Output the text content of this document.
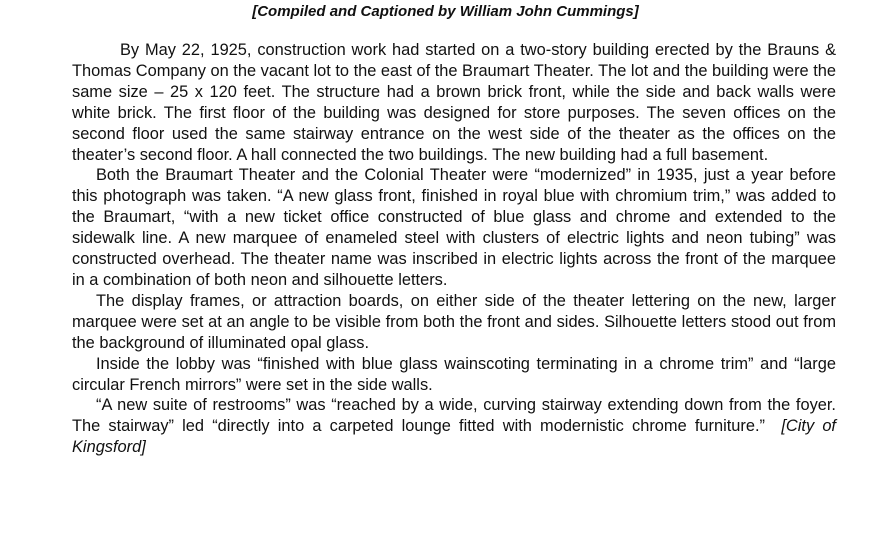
[Compiled and Captioned by William John Cummings]

By May 22, 1925, construction work had started on a two-story building erected by the Brauns & Thomas Company on the vacant lot to the east of the Braumart Theater. The lot and the building were the same size – 25 x 120 feet. The structure had a brown brick front, while the side and back walls were white brick. The first floor of the building was designed for store purposes. The seven offices on the second floor used the same stairway entrance on the west side of the theater as the offices on the theater’s second floor. A hall connected the two buildings. The new building had a full basement.

Both the Braumart Theater and the Colonial Theater were “modernized” in 1935, just a year before this photograph was taken. “A new glass front, finished in royal blue with chromium trim,” was added to the Braumart, “with a new ticket office constructed of blue glass and chrome and extended to the sidewalk line. A new marquee of enameled steel with clusters of electric lights and neon tubing” was constructed overhead. The theater name was inscribed in electric lights across the front of the marquee in a combination of both neon and silhouette letters.

The display frames, or attraction boards, on either side of the theater lettering on the new, larger marquee were set at an angle to be visible from both the front and sides. Silhouette letters stood out from the background of illuminated opal glass.

Inside the lobby was “finished with blue glass wainscoting terminating in a chrome trim” and “large circular French mirrors” were set in the side walls.

“A new suite of restrooms” was “reached by a wide, curving stairway extending down from the foyer. The stairway” led “directly into a carpeted lounge fitted with modernistic chrome furniture.” [City of Kingsford]
